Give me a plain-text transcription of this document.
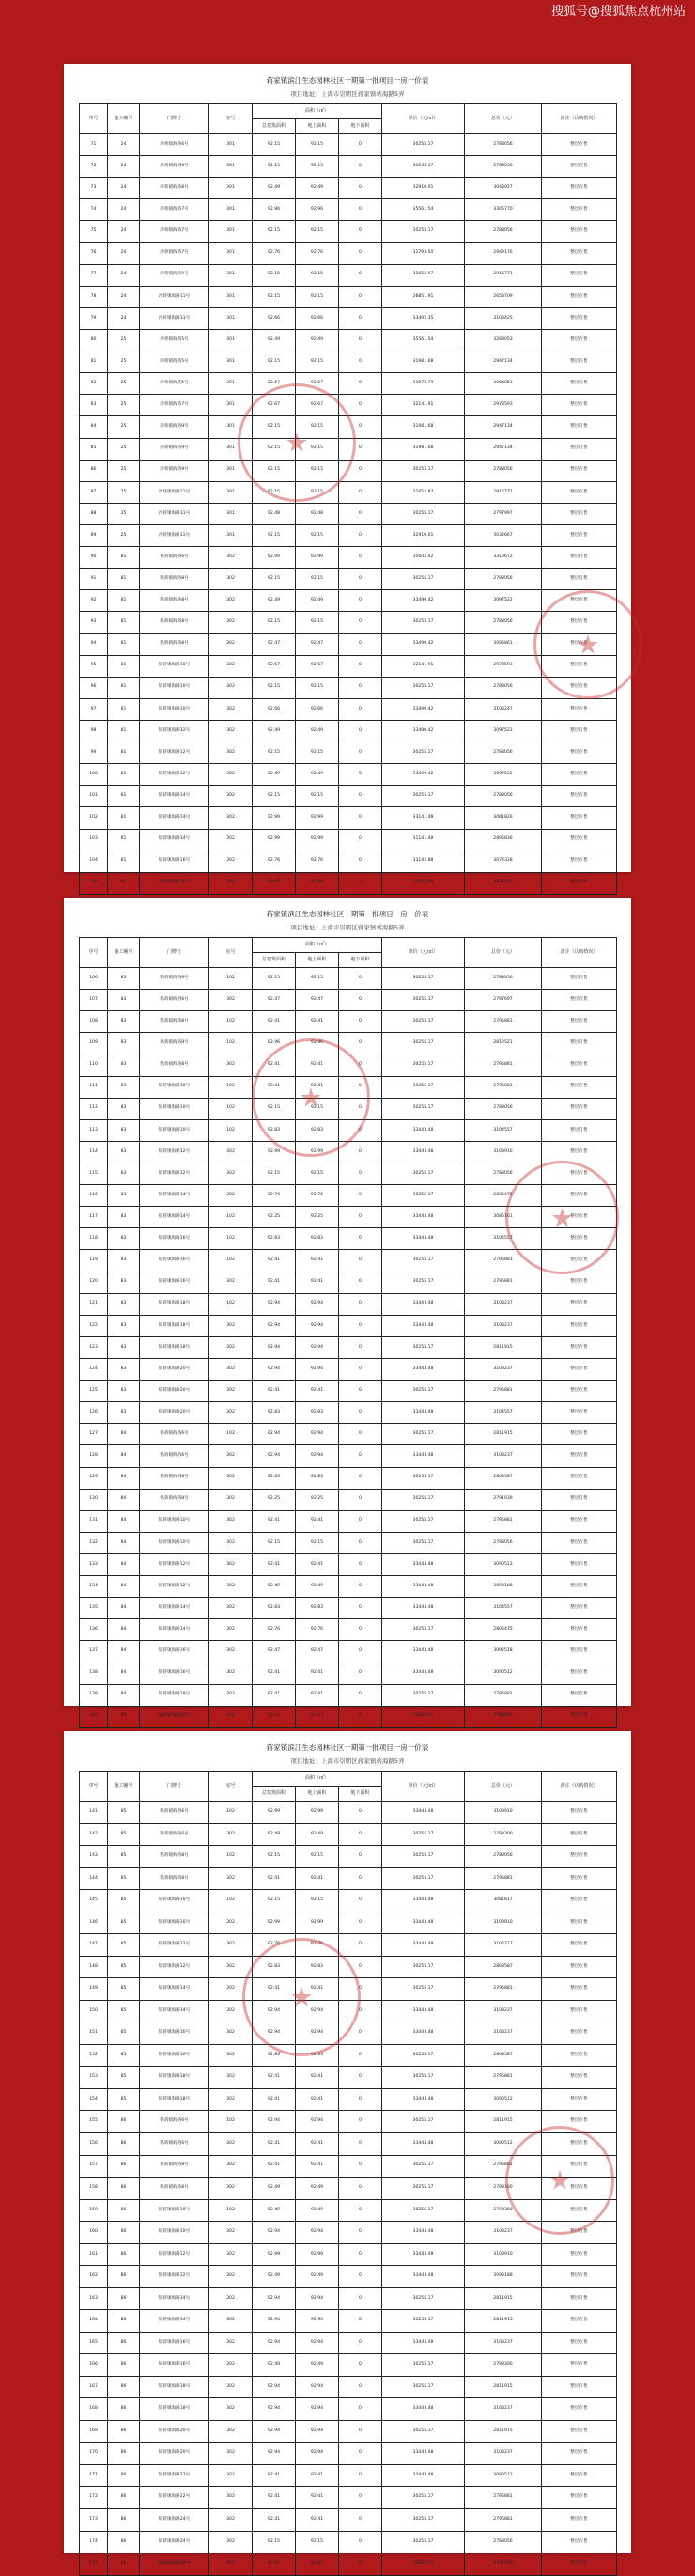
搜狐号@搜狐焦点杭州站
蒋家镇滨江生态园林社区一期第一批项目一房一价表
项目地址：上海市崇明区蒋家镇蒋海路5弄
序号	施工幢号	门牌号	室号	面积（㎡）			单价（元/㎡）	总价（元）	备注（认购情况）
				总建筑面积	地上面积	地下面积			
71	24	沙蒋镇海路6号	301	92.15	92.15	0	30255.17	2788056	整层在售
72	24	沙蒋镇海路6号	301	92.15	92.15	0	30255.17	2788056	整层在售
73	24	沙蒋镇海路8号	301	92.49	92.49	0	32910.01	3043917	整层在售
74	24	沙蒋镇海路7号	301	92.96	92.96	0	35561.54	3305770	整层在售
75	24	沙蒋镇海路7号	301	92.15	92.15	0	30255.17	2788056	整层在售
76	24	沙蒋镇海路7号	301	92.76	92.76	0	31793.50	2949176	整层在售
77	24	沙蒋镇海路9号	301	92.15	92.15	0	31652.97	2916771	整层在售
78	24	沙蒋镇海路11号	301	92.15	92.15	0	28851.91	2658709	整层在售
79	24	沙蒋镇海路11号	301	92.66	92.66	0	33492.35	3103425	整层在售
80	25	沙蒋镇海路5号	301	92.49	92.49	0	35561.54	3289053	整层在售
81	25	沙蒋镇海路5号	301	92.15	92.15	0	31981.68	2947134	整层在售
82	25	沙蒋镇海路5号	301	92.67	92.67	0	33072.79	3064853	整层在售
83	25	沙蒋镇海路7号	301	92.67	92.67	0	32141.91	2978593	整层在售
84	25	沙蒋镇海路9号	301	92.15	92.15	0	31981.68	2947134	整层在售
85	25	沙蒋镇海路9号	301	92.15	92.15	0	31981.68	2947134	整层在售
86	25	沙蒋镇海路9号	301	92.15	92.15	0	30255.17	2788056	整层在售
87	25	沙蒋镇海路11号	301	92.15	92.15	0	31652.97	2916771	整层在售
88	25	沙蒋镇海路11号	301	92.48	92.48	0	30255.17	2797997	整层在售
89	25	沙蒋镇海路11号	301	92.15	92.15	0	32910.01	3032667	整层在售
90	81	钻蒋镇海路6号	302	92.99	92.99	0	35602.42	3310672	整层在售
91	81	钻蒋镇海路8号	302	92.15	92.15	0	30255.17	2788056	整层在售
92	81	钻蒋镇海路8号	302	92.49	92.49	0	33490.42	3097522	整层在售
93	81	钻蒋镇海路8号	302	92.15	92.15	0	30255.17	2788056	整层在售
94	81	钻蒋镇海路8号	302	92.47	92.47	0	33490.42	3096861	整层在售
95	81	钻蒋镇海路10号	302	92.67	92.67	0	32141.91	2978593	整层在售
96	81	钻蒋镇海路10号	302	92.15	92.15	0	30255.17	2788056	整层在售
97	81	钻蒋镇海路10号	302	92.66	92.66	0	33490.42	3103247	整层在售
98	81	钻蒋镇海路12号	302	92.49	92.49	0	33490.42	3097522	整层在售
99	81	钻蒋镇海路12号	302	92.15	92.15	0	30255.17	2788056	整层在售
100	81	钻蒋镇海路12号	302	92.49	92.49	0	33490.42	3097522	整层在售
101	81	钻蒋镇海路14号	302	92.15	92.15	0	30255.17	2788056	整层在售
102	81	钻蒋镇海路14号	302	92.99	92.99	0	33141.48	3081826	整层在售
103	81	钻蒋镇海路14号	302	92.99	92.99	0	31141.48	2895836	整层在售
104	81	钻蒋镇海路16号	302	92.76	92.76	0	33142.88	3074328	整层在售
105	81	钻蒋镇海路16号	302	92.99	92.99	0	33142.88	3081947	整层在售
★
★
蒋家镇滨江生态园林社区一期第一批项目一房一价表
项目地址：上海市崇明区蒋家镇蒋海路5弄
序号	施工幢号	门牌号	室号	面积（㎡）			单价（元/㎡）	总价（元）	备注（认购情况）
				总建筑面积	地上面积	地下面积			
106	83	钻蒋镇海路6号	102	92.15	92.15	0	30255.17	2788056	整层在售
107	83	钻蒋镇海路6号	302	92.47	92.47	0	30255.17	2797697	整层在售
108	83	钻蒋镇海路8号	102	92.41	92.41	0	30255.17	2795881	整层在售
109	83	钻蒋镇海路8号	102	92.96	92.96	0	30255.17	2812521	整层在售
110	83	钻蒋镇海路8号	302	92.41	92.41	0	30255.17	2795881	整层在售
111	83	钻蒋镇海路10号	102	92.41	92.41	0	30255.17	2795881	整层在售
112	83	钻蒋镇海路10号	102	92.15	92.15	0	30255.17	2788056	整层在售
113	83	钻蒋镇海路10号	102	92.83	92.83	0	33443.48	3104557	整层在售
114	83	钻蒋镇海路12号	302	92.99	92.99	0	33443.48	3109910	整层在售
115	83	钻蒋镇海路12号	302	92.15	92.15	0	30255.17	2788056	整层在售
116	83	钻蒋镇海路14号	302	92.76	92.76	0	30255.17	2806475	整层在售
117	83	钻蒋镇海路14号	102	92.25	92.25	0	33443.48	3085161	整层在售
118	83	钻蒋镇海路16号	102	92.83	92.83	0	33443.48	3104557	整层在售
119	83	钻蒋镇海路16号	102	92.41	92.41	0	30255.17	2795881	整层在售
120	83	钻蒋镇海路16号	302	92.41	92.41	0	30255.17	2795881	整层在售
121	83	钻蒋镇海路18号	102	92.94	92.94	0	33443.48	3108237	整层在售
122	83	钻蒋镇海路18号	302	92.94	92.94	0	33443.48	3108237	整层在售
123	83	钻蒋镇海路18号	302	92.94	92.94	0	30255.17	2811915	整层在售
124	83	钻蒋镇海路20号	302	92.94	92.94	0	33443.48	3108237	整层在售
125	83	钻蒋镇海路20号	302	92.41	92.41	0	30255.17	2795881	整层在售
126	83	钻蒋镇海路20号	302	92.83	92.83	0	33443.48	3104557	整层在售
127	84	钻蒋镇海路6号	102	92.94	92.94	0	30255.17	2811915	整层在售
128	84	钻蒋镇海路6号	302	92.94	92.94	0	33443.48	3108237	整层在售
129	84	钻蒋镇海路8号	302	92.83	92.83	0	30255.17	2808587	整层在售
130	84	钻蒋镇海路8号	302	92.25	92.25	0	30255.17	2791039	整层在售
131	84	钻蒋镇海路10号	302	92.41	92.41	0	30255.17	2795881	整层在售
132	84	钻蒋镇海路10号	302	92.15	92.15	0	30255.17	2788056	整层在售
133	84	钻蒋镇海路12号	302	92.41	92.41	0	33443.48	3090512	整层在售
134	84	钻蒋镇海路12号	302	92.49	92.49	0	33443.48	3093188	整层在售
135	84	钻蒋镇海路14号	302	92.83	92.83	0	33443.48	3104557	整层在售
136	84	钻蒋镇海路14号	302	92.76	92.76	0	30255.17	2806475	整层在售
137	84	钻蒋镇海路16号	302	92.47	92.47	0	33443.48	3092518	整层在售
138	84	钻蒋镇海路16号	302	92.41	92.41	0	33443.48	3090512	整层在售
139	84	钻蒋镇海路18号	302	92.41	92.41	0	30255.17	2795881	整层在售
140	84	钻蒋镇海路18号	302	92.15	92.15	0	30255.17	2788056	整层在售
★
★
蒋家镇滨江生态园林社区一期第一批项目一房一价表
项目地址：上海市崇明区蒋家镇蒋海路5弄
序号	施工幢号	门牌号	室号	面积（㎡）			单价（元/㎡）	总价（元）	备注（认购情况）
				总建筑面积	地上面积	地下面积			
141	85	钻蒋镇海路6号	102	92.99	92.99	0	33443.48	3109910	整层在售
142	85	钻蒋镇海路6号	302	92.49	92.49	0	30255.17	2798300	整层在售
143	85	钻蒋镇海路8号	102	92.15	92.15	0	30255.17	2788056	整层在售
144	85	钻蒋镇海路8号	302	92.41	92.41	0	30255.17	2795881	整层在售
145	85	钻蒋镇海路10号	102	92.15	92.15	0	33443.48	3081817	整层在售
146	85	钻蒋镇海路10号	302	92.99	92.99	0	33443.48	3109910	整层在售
147	85	钻蒋镇海路12号	302	92.76	92.76	0	33443.48	3102217	整层在售
148	85	钻蒋镇海路12号	302	92.83	92.83	0	30255.17	2808587	整层在售
149	85	钻蒋镇海路14号	302	92.41	92.41	0	30255.17	2795881	整层在售
150	85	钻蒋镇海路14号	302	92.94	92.94	0	33443.48	3108237	整层在售
151	85	钻蒋镇海路16号	302	92.94	92.94	0	33443.48	3108237	整层在售
152	85	钻蒋镇海路16号	302	92.83	92.83	0	30255.17	2808587	整层在售
153	85	钻蒋镇海路18号	302	92.41	92.41	0	30255.17	2795881	整层在售
154	85	钻蒋镇海路18号	302	92.41	92.41	0	33443.48	3090512	整层在售
155	86	钻蒋镇海路6号	102	92.94	92.94	0	30255.17	2811915	整层在售
156	86	钻蒋镇海路6号	302	92.41	92.41	0	33443.48	3090512	整层在售
157	86	钻蒋镇海路8号	302	92.41	92.41	0	30255.17	2795881	整层在售
158	86	钻蒋镇海路8号	302	92.49	92.49	0	30255.17	2798300	整层在售
159	86	钻蒋镇海路10号	102	92.49	92.49	0	30255.17	2798300	整层在售
160	86	钻蒋镇海路10号	302	92.94	92.94	0	33443.48	3108237	整层在售
161	86	钻蒋镇海路12号	302	92.99	92.99	0	33443.48	3109910	整层在售
162	86	钻蒋镇海路12号	302	92.49	92.49	0	33443.48	3093188	整层在售
163	86	钻蒋镇海路14号	302	92.94	92.94	0	30255.17	2811915	整层在售
164	86	钻蒋镇海路14号	302	92.94	92.94	0	30255.17	2811915	整层在售
165	86	钻蒋镇海路16号	302	92.94	92.94	0	33443.48	3108237	整层在售
166	86	钻蒋镇海路16号	302	92.49	92.49	0	30255.17	2798300	整层在售
167	86	钻蒋镇海路18号	302	92.94	92.94	0	30255.17	2811915	整层在售
168	86	钻蒋镇海路18号	302	92.94	92.94	0	33443.48	3108237	整层在售
169	86	钻蒋镇海路20号	302	92.94	92.94	0	30255.17	2811915	整层在售
170	86	钻蒋镇海路20号	302	92.94	92.94	0	33443.48	3108237	整层在售
171	86	钻蒋镇海路22号	302	92.41	92.41	0	33443.48	3090512	整层在售
172	86	钻蒋镇海路22号	302	92.41	92.41	0	30255.17	2795881	整层在售
173	86	钻蒋镇海路24号	302	92.41	92.41	0	30255.17	2795881	整层在售
174	86	钻蒋镇海路24号	302	92.15	92.15	0	30255.17	2788056	整层在售
175	86	钻蒋镇海路26号	302	92.25	92.25	0	30255.17	2791039	整层在售
★
★
